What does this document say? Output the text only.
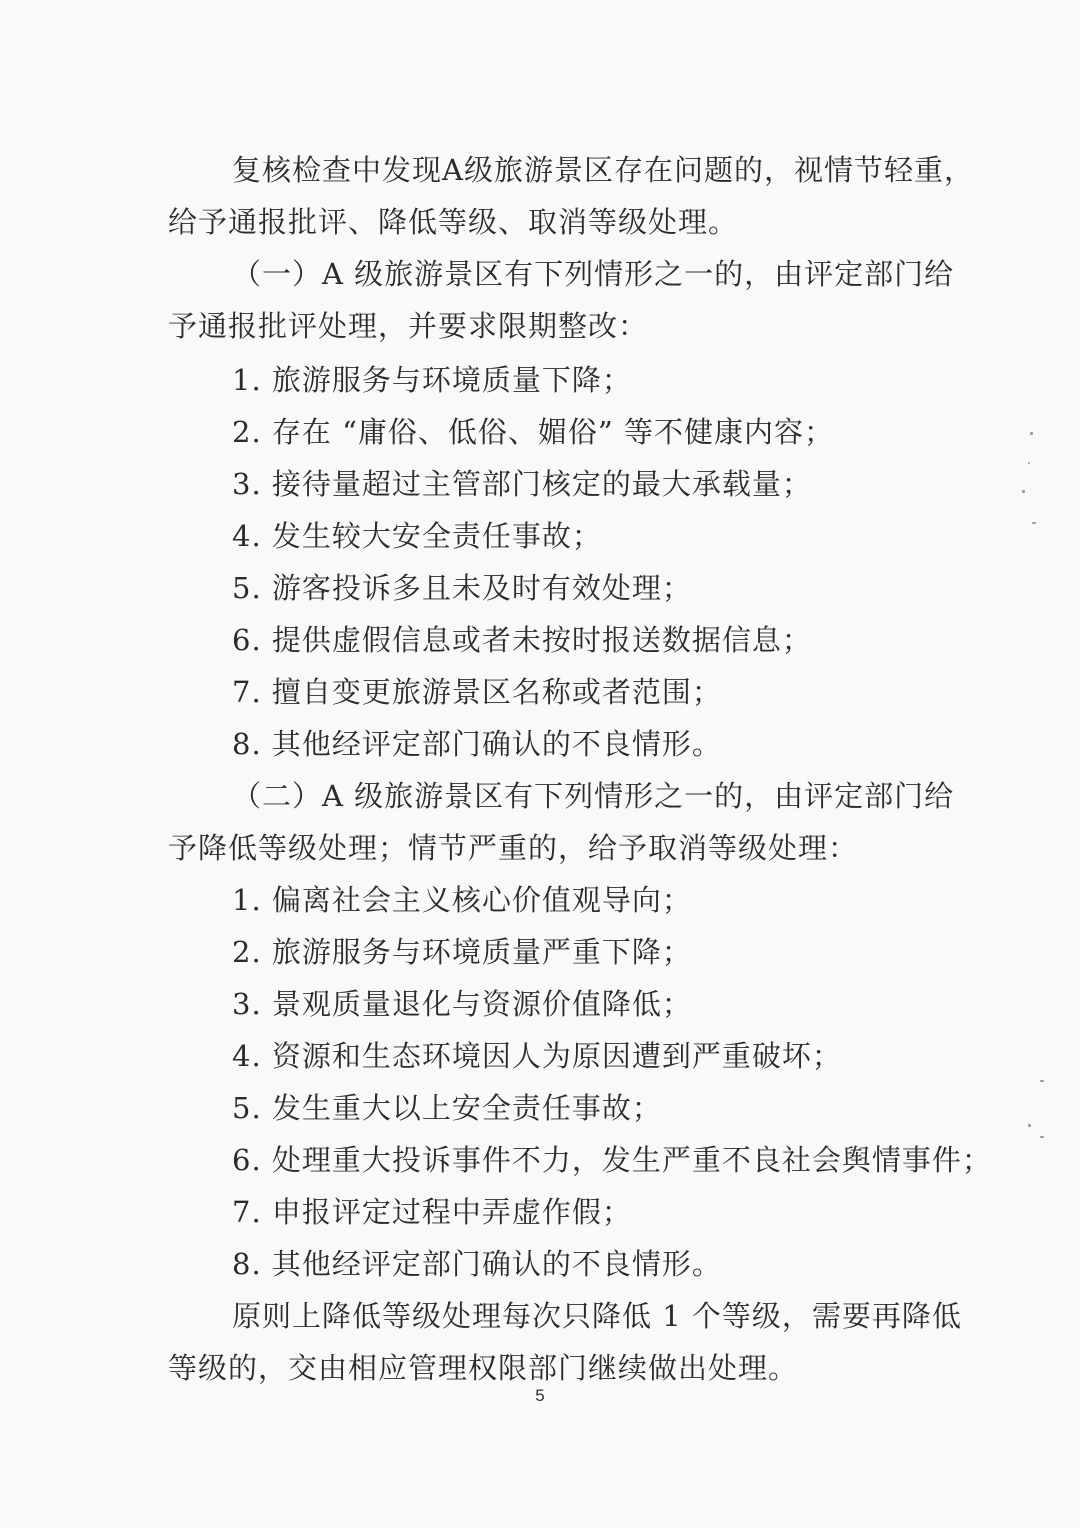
复核检查中发现A级旅游景区存在问题的，视情节轻重，
给予通报批评、降低等级、取消等级处理。
（一）A 级旅游景区有下列情形之一的，由评定部门给
予通报批评处理，并要求限期整改：
1. 旅游服务与环境质量下降；
2. 存在 “庸俗、低俗、媚俗” 等不健康内容；
3. 接待量超过主管部门核定的最大承载量；
4. 发生较大安全责任事故；
5. 游客投诉多且未及时有效处理；
6. 提供虚假信息或者未按时报送数据信息；
7. 擅自变更旅游景区名称或者范围；
8. 其他经评定部门确认的不良情形。
（二）A 级旅游景区有下列情形之一的，由评定部门给
予降低等级处理；情节严重的，给予取消等级处理：
1. 偏离社会主义核心价值观导向；
2. 旅游服务与环境质量严重下降；
3. 景观质量退化与资源价值降低；
4. 资源和生态环境因人为原因遭到严重破坏；
5. 发生重大以上安全责任事故；
6. 处理重大投诉事件不力，发生严重不良社会舆情事件；
7. 申报评定过程中弄虚作假；
8. 其他经评定部门确认的不良情形。
原则上降低等级处理每次只降低 1 个等级，需要再降低
等级的，交由相应管理权限部门继续做出处理。
5
